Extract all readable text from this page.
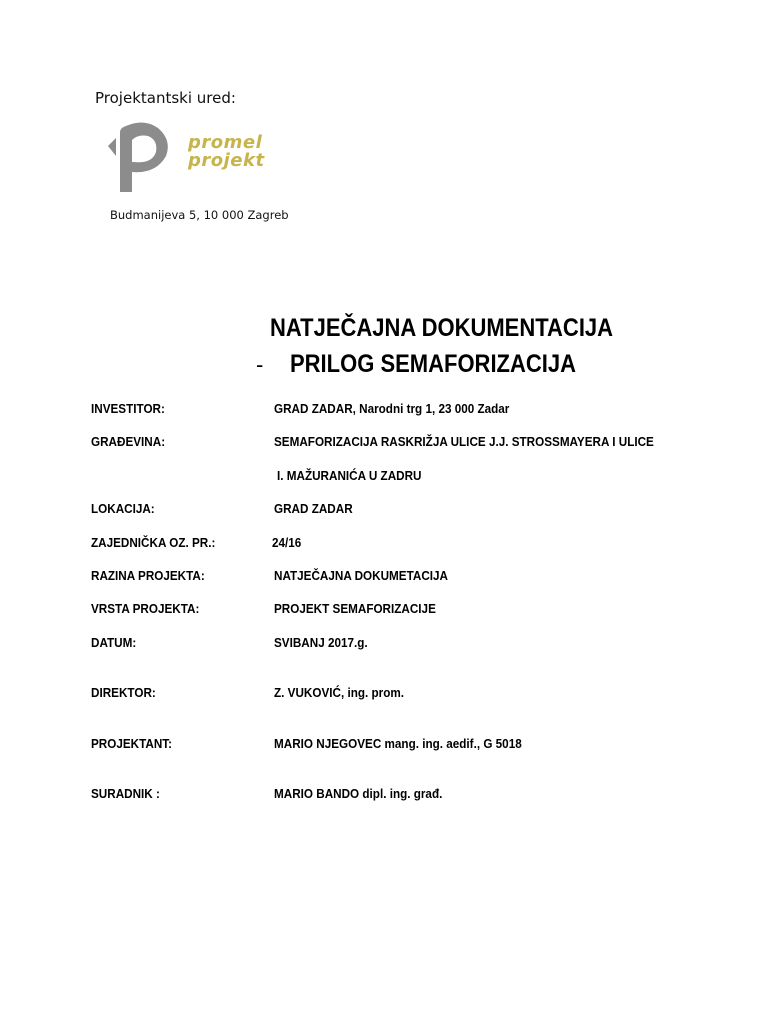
Projektantski ured:
promel
projekt
Budmanijeva 5, 10 000 Zagreb
NATJEČAJNA DOKUMENTACIJA
- PRILOG SEMAFORIZACIJA
INVESTITOR:	GRAD ZADAR, Narodni trg 1, 23 000 Zadar
GRAĐEVINA:	SEMAFORIZACIJA RASKRIŽJA ULICE J.J. STROSSMAYERA I ULICE
I. MAŽURANIĆA U ZADRU
LOKACIJA:	GRAD ZADAR
ZAJEDNIČKA OZ. PR.:	24/16
RAZINA PROJEKTA:	NATJEČAJNA DOKUMETACIJA
VRSTA PROJEKTA:	PROJEKT SEMAFORIZACIJE
DATUM:	SVIBANJ 2017.g.
DIREKTOR:	Z. VUKOVIĆ, ing. prom.
PROJEKTANT:	MARIO NJEGOVEC mang. ing. aedif., G 5018
SURADNIK :	MARIO BANDO dipl. ing. građ.
